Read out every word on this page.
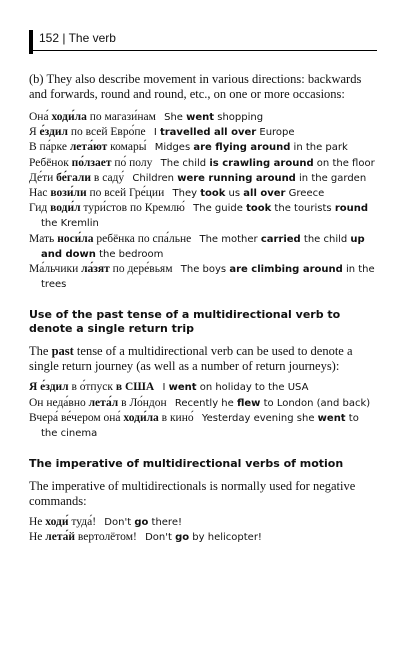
152 | The verb

(b) They also describe movement in various directions: backwards and forwards, round and round, etc., on one or more occasions:

Она́ ходи́ла по магази́нам She went shopping

Я е́здил по всей Евро́пе I travelled all over Europe

В па́рке лета́ют комары́ Midges are flying around in the park

Ребёнок по́лзает по́ полу The child is crawling around on the floor

Де́ти бе́гали в саду́ Children were running around in the garden

Нас вози́ли по всей Гре́ции They took us all over Greece

Гид води́л тури́стов по Кремлю́ The guide took the tourists round the Kremlin

Мать носи́ла ребёнка по спа́льне The mother carried the child up and down the bedroom

Ма́льчики ла́зят по дере́вьям The boys are climbing around in the trees

Use of the past tense of a multidirectional verb to denote a single return trip

The past tense of a multidirectional verb can be used to denote a single return journey (as well as a number of return journeys):

Я е́здил в о́тпуск в США I went on holiday to the USA

Он неда́вно лета́л в Ло́ндон Recently he flew to London (and back)

Вчера́ ве́чером она́ ходи́ла в кино́ Yesterday evening she went to the cinema

The imperative of multidirectional verbs of motion

The imperative of multidirectionals is normally used for negative commands:

Не ходи́ туда́! Don't go there!

Не лета́й вертолётом! Don't go by helicopter!
